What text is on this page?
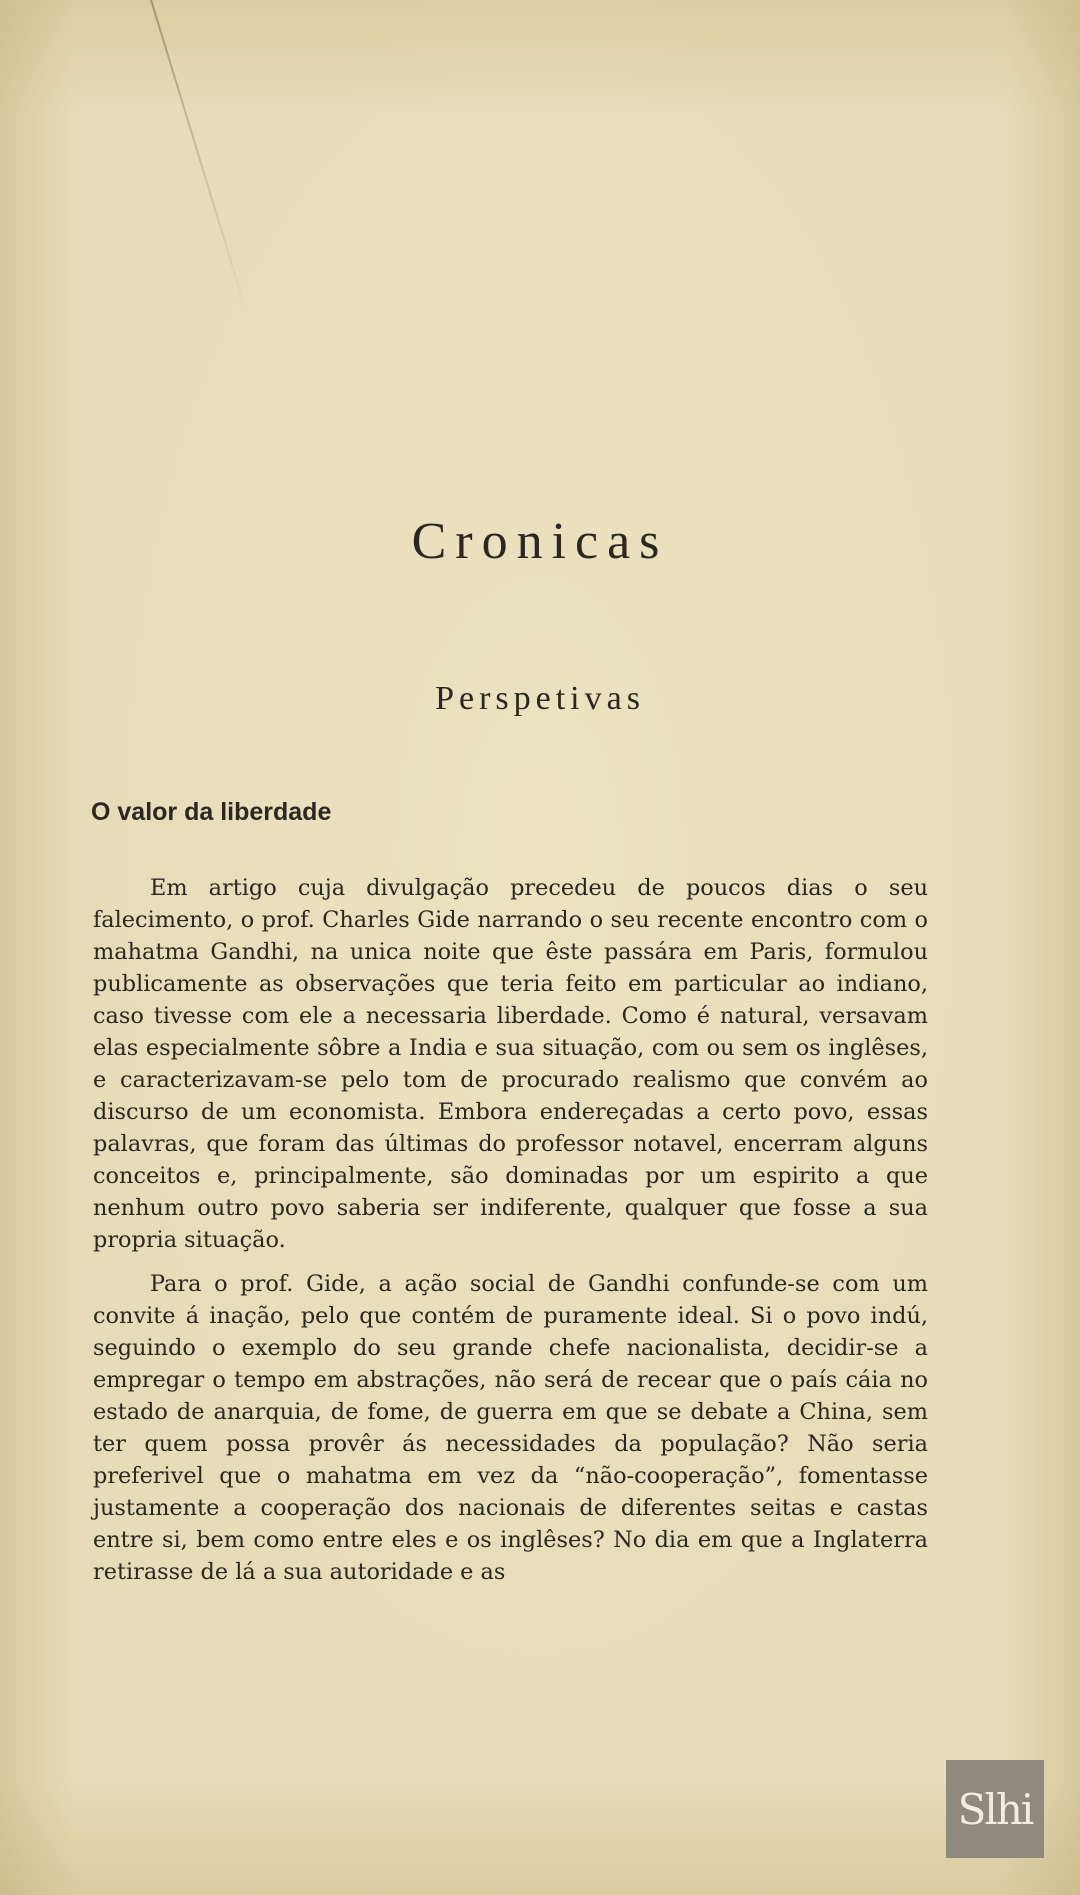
Cronicas
Perspetivas
O valor da liberdade

Em artigo cuja divulgação precedeu de poucos dias o seu falecimento, o prof. Charles Gide narrando o seu recente encontro com o mahatma Gandhi, na unica noite que êste passára em Paris, formulou publicamente as observações que teria feito em particular ao indiano, caso tivesse com ele a necessaria liberdade. Como é natural, versavam elas especialmente sôbre a India e sua situação, com ou sem os inglêses, e caracterizavam-se pelo tom de procurado realismo que convém ao discurso de um economista. Embora endereçadas a certo povo, essas palavras, que foram das últimas do professor notavel, encerram alguns conceitos e, principalmente, são dominadas por um espirito a que nenhum outro povo saberia ser indiferente, qualquer que fosse a sua propria situação.

Para o prof. Gide, a ação social de Gandhi confunde-se com um convite á inação, pelo que contém de puramente ideal. Si o povo indú, seguindo o exemplo do seu grande chefe nacionalista, decidir-se a empregar o tempo em abstrações, não será de recear que o país cáia no estado de anarquia, de fome, de guerra em que se debate a China, sem ter quem possa provêr ás necessidades da população? Não seria preferivel que o mahatma em vez da “não-cooperação”, fomentasse justamente a cooperação dos nacionais de diferentes seitas e castas entre si, bem como entre eles e os inglêses? No dia em que a Inglaterra retirasse de lá a sua autoridade e as

Slhi
